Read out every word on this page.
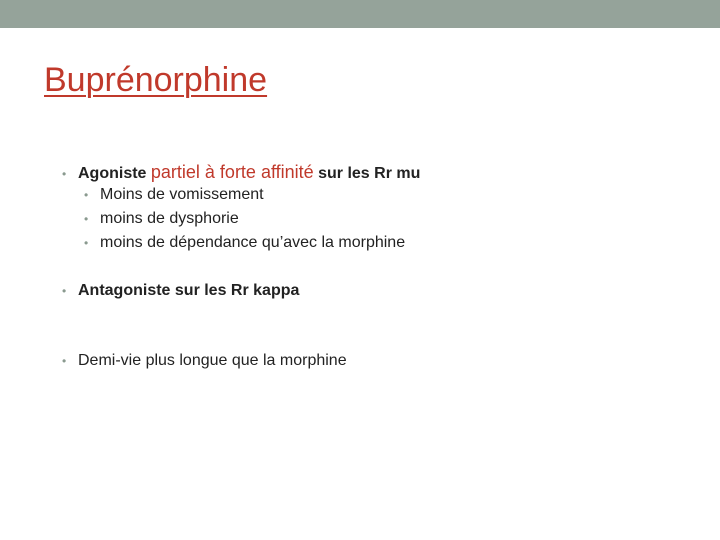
Buprénorphine
• Agoniste partiel à forte affinité sur les Rr mu
• Moins de vomissement
• moins de dysphorie
• moins de dépendance qu’avec la morphine
• Antagoniste sur les Rr kappa
• Demi-vie plus longue que la morphine
